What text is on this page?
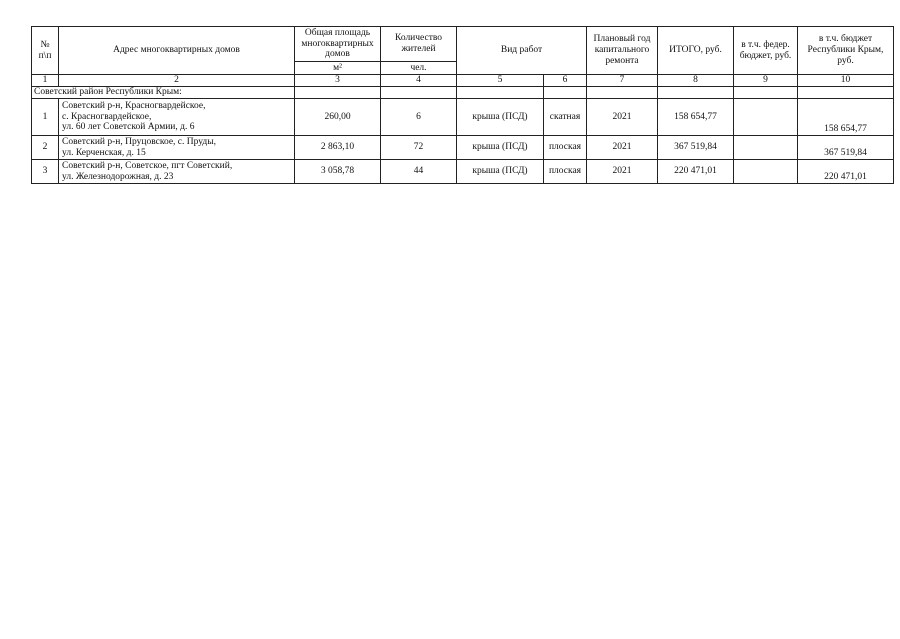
№ п\п	Адрес многоквартирных домов	Общая площадь многоквартирных домов	Количество жителей	Вид работ		Плановый год капитального ремонта	ИТОГО, руб.	в т.ч. федер. бюджет, руб.	в т.ч. бюджет Республики Крым, руб.
		м²	чел.						
1	2	3	4	5	6	7	8	9	10
Советский район Республики Крым:									
1	Советский р-н, Красногвардейское,
с. Красногвардейское,
ул. 60 лет Советской Армии, д. 6	260,00	6	крыша (ПСД)	скатная	2021	158 654,77		158 654,77
2	Советский р-н, Пруцовское, с. Пруды,
ул. Керченская, д. 15	2 863,10	72	крыша (ПСД)	плоская	2021	367 519,84		367 519,84
3	Советский р-н, Советское, пгт Советский,
ул. Железнодорожная, д. 23	3 058,78	44	крыша (ПСД)	плоская	2021	220 471,01		220 471,01
